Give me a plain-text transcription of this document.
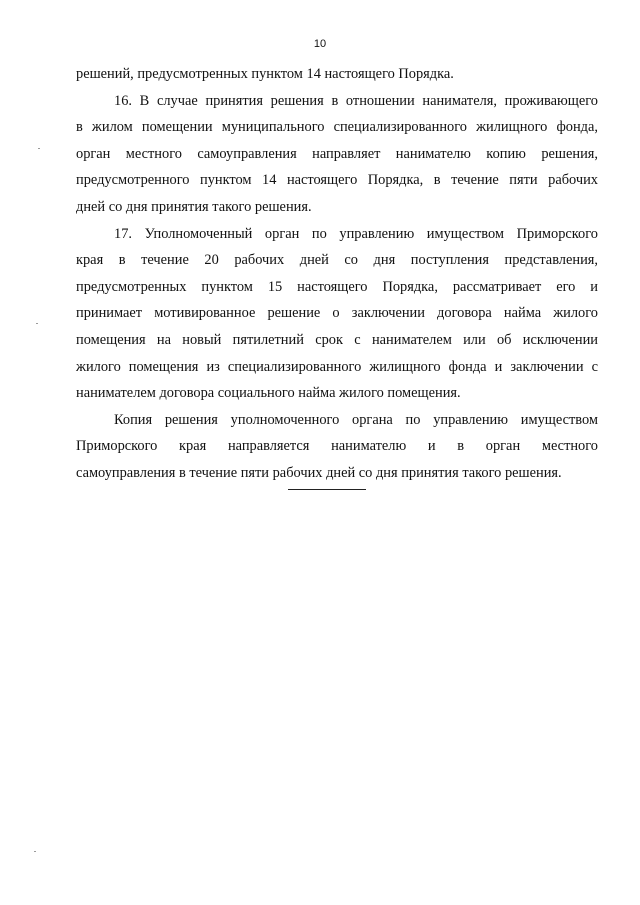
10
решений, предусмотренных пунктом 14 настоящего Порядка.
16. В случае принятия решения в отношении нанимателя, проживающего
в жилом помещении муниципального специализированного жилищного фонда,
орган местного самоуправления направляет нанимателю копию решения,
предусмотренного пунктом 14 настоящего Порядка, в течение пяти рабочих
дней со дня принятия такого решения.
17. Уполномоченный орган по управлению имуществом Приморского
края в течение 20 рабочих дней со дня поступления представления,
предусмотренных пунктом 15 настоящего Порядка, рассматривает его и
принимает мотивированное решение о заключении договора найма жилого
помещения на новый пятилетний срок с нанимателем или об исключении
жилого помещения из специализированного жилищного фонда и заключении с
нанимателем договора социального найма жилого помещения.
Копия решения уполномоченного органа по управлению имуществом
Приморского края направляется нанимателю и в орган местного
самоуправления в течение пяти рабочих дней со дня принятия такого решения.
